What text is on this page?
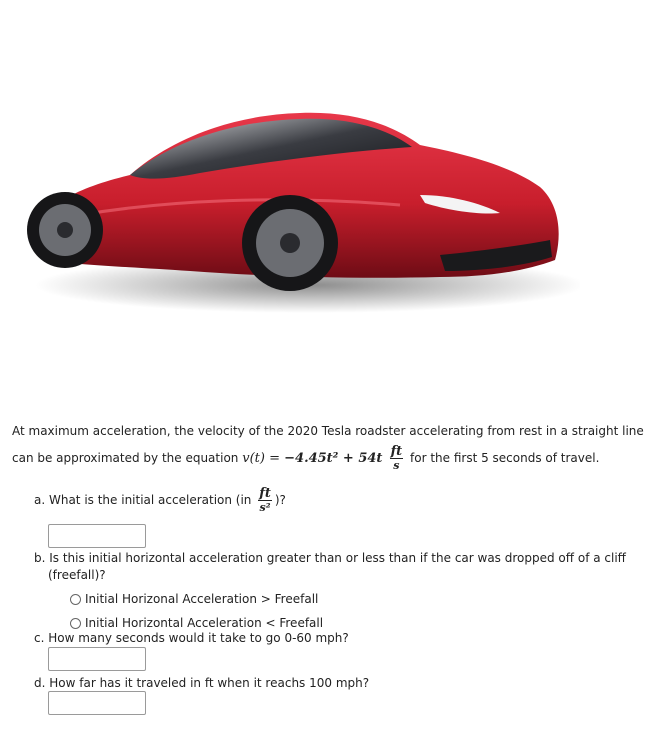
At maximum acceleration, the velocity of the 2020 Tesla roadster accelerating from rest in a straight line
can be approximated by the equation $v(t) = -4.45t^2 + 54t \frac{ft}{s}$ for the first 5 seconds of travel.
a. What is the initial acceleration ($in \frac{ft}{\text{s²}}$ )?
b. Is this initial horizontal acceleration greater than or less than if the car was dropped off of a cliff
(freefall)?
Initial Horizonal Acceleration > Freefall
Initial Horizontal Acceleration < Freefall
c. How many seconds would it take to go 0-60 mph?
d. How far has it traveled in ft when it reachs 100 mph?
